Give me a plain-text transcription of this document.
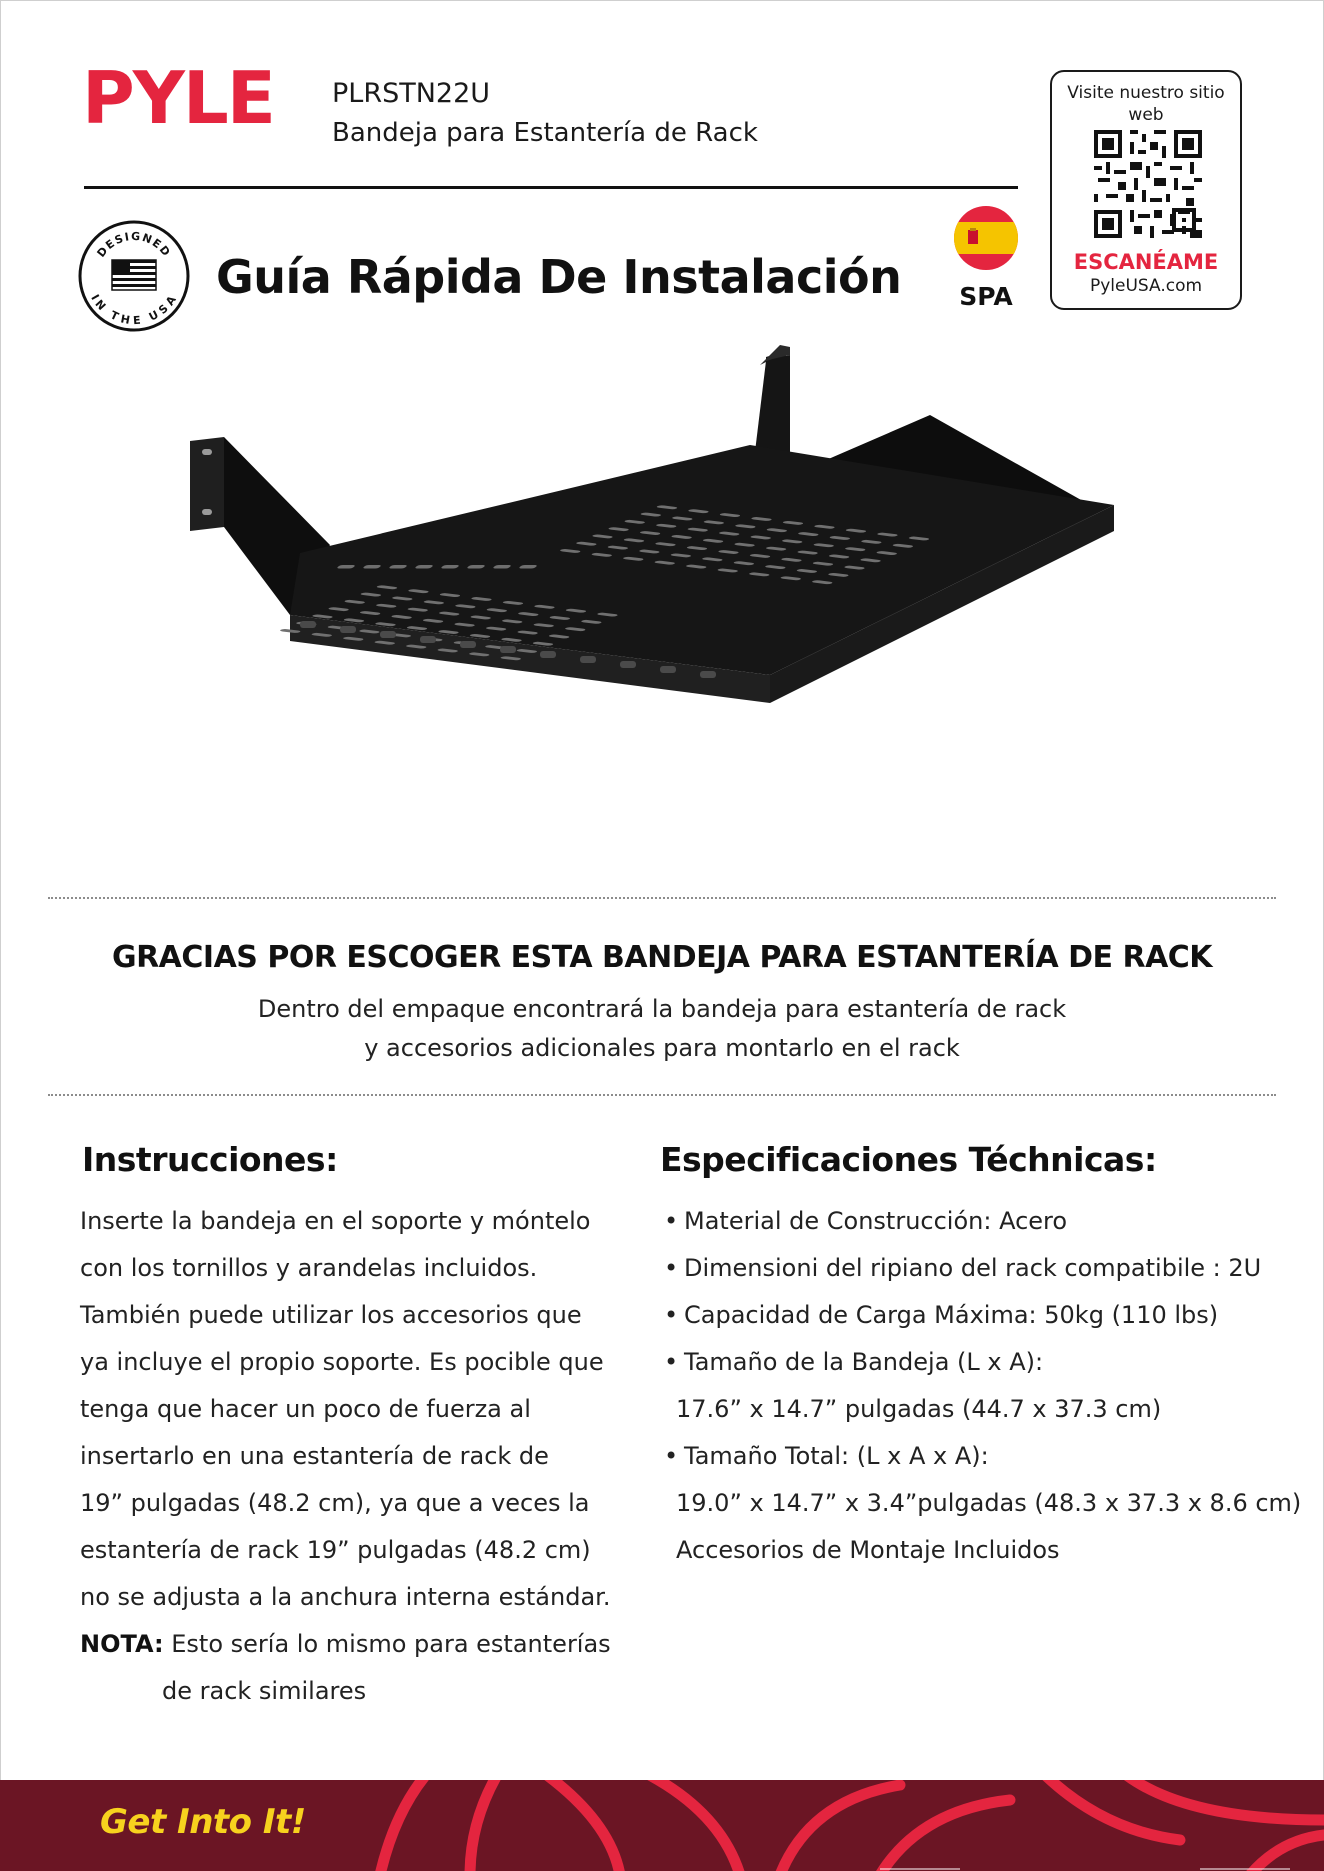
PYLE PLRSTN22U
Bandeja para Estantería de Rack
Visite nuestro sitio web
ESCANÉAME
PyleUSA.com
DESIGNED
IN THE USA Guía Rápida De Instalación	SPA
GRACIAS POR ESCOGER ESTA BANDEJA PARA ESTANTERÍA DE RACK
Dentro del empaque encontrará la bandeja para estantería de rack
y accesorios adicionales para montarlo en el rack
Instrucciones:
Inserte la bandeja en el soporte y móntelo
con los tornillos y arandelas incluidos.
También puede utilizar los accesorios que
ya incluye el propio soporte. Es pocible que
tenga que hacer un poco de fuerza al
insertarlo en una estantería de rack de
19” pulgadas (48.2 cm), ya que a veces la
estantería de rack 19” pulgadas (48.2 cm)
no se adjusta a la anchura interna estándar.
NOTA: Esto sería lo mismo para estanterías
de rack similares
Especificaciones Téchnicas:
• Material de Construcción: Acero
• Dimensioni del ripiano del rack compatibile : 2U
• Capacidad de Carga Máxima: 50kg (110 lbs)
• Tamaño de la Bandeja (L x A):
17.6” x 14.7” pulgadas (44.7 x 37.3 cm)
• Tamaño Total: (L x A x A):
19.0” x 14.7” x 3.4”pulgadas (48.3 x 37.3 x 8.6 cm)
Accesorios de Montaje Incluidos
Get Into It!
